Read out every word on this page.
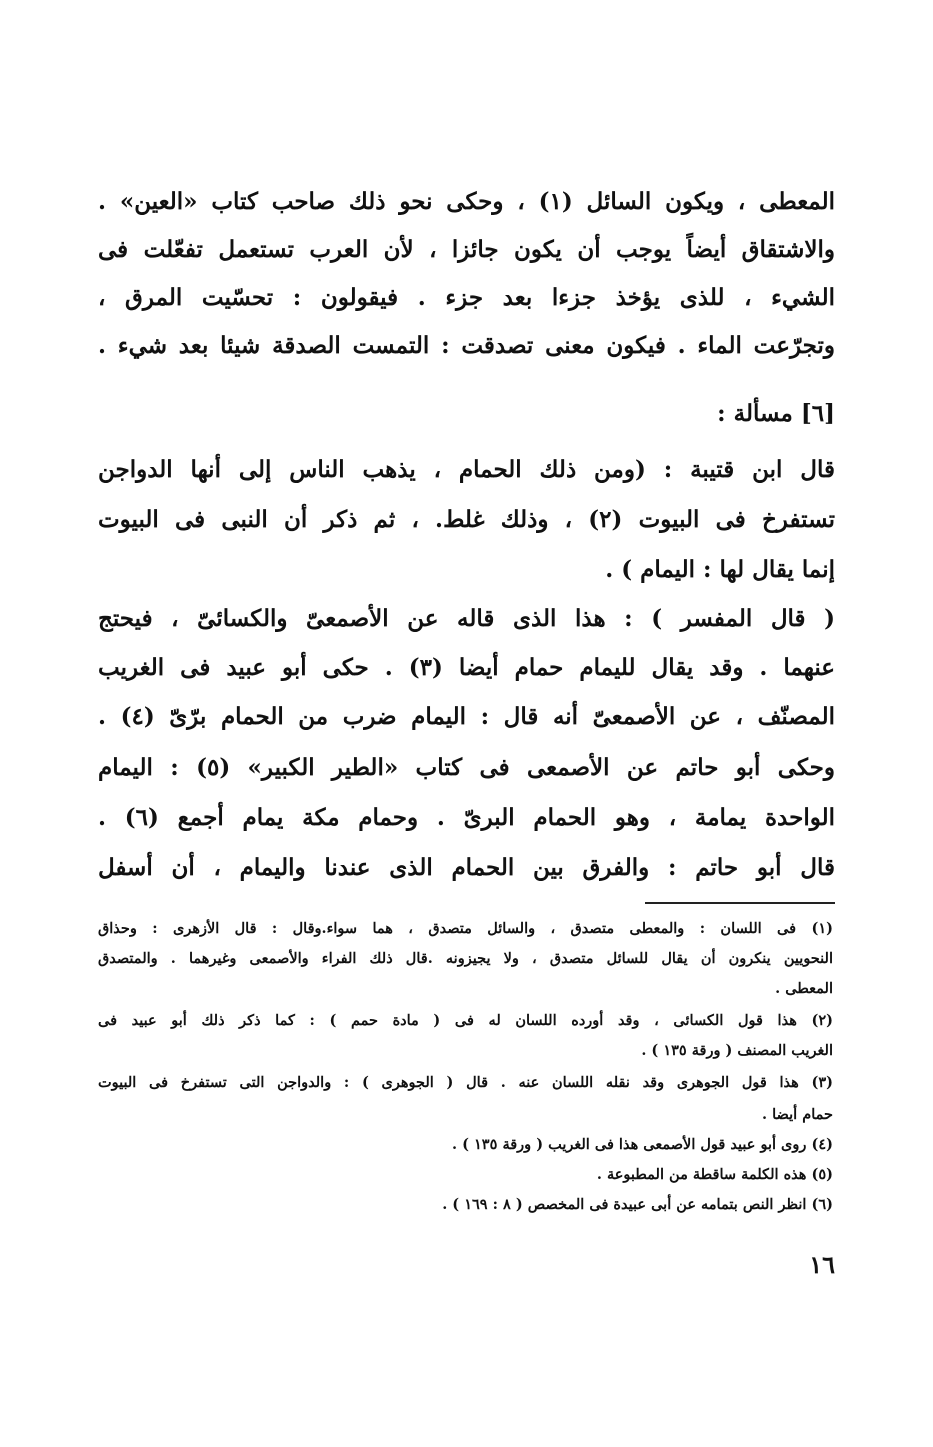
المعطى ، ويكون السائل (١) ، وحكى نحو ذلك صاحب كتاب «العين» .
والاشتقاق أيضاً يوجب أن يكون جائزا ، لأن العرب تستعمل تفعّلت فى
الشيء ، للذى يؤخذ جزءا بعد جزء . فيقولون : تحسّيت المرق ،
وتجرّعت الماء . فيكون معنى تصدقت : التمست الصدقة شيئا بعد شيء .
[٦] مسألة :
قال ابن قتيبة : (ومن ذلك الحمام ، يذهب الناس إلى أنها الدواجن
تستفرخ فى البيوت (٢) ، وذلك غلط. ، ثم ذكر أن النبى فى البيوت
إنما يقال لها : اليمام ) .
( قال المفسر ) : هذا الذى قاله عن الأصمعىّ والكسائىّ ، فيحتج
عنهما . وقد يقال لليمام حمام أيضا (٣) . حكى أبو عبيد فى الغريب
المصنّف ، عن الأصمعىّ أنه قال : اليمام ضرب من الحمام برّىّ (٤) .
وحكى أبو حاتم عن الأصمعى فى كتاب «الطير الكبير» (٥) : اليمام
الواحدة يمامة ، وهو الحمام البرىّ . وحمام مكة يمام أجمع (٦) .
قال أبو حاتم : والفرق بين الحمام الذى عندنا واليمام ، أن أسفل
(١) فى اللسان : والمعطى متصدق ، والسائل متصدق ، هما سواء.وقال : قال الأزهرى : وحذاق
النحويين ينكرون أن يقال للسائل متصدق ، ولا يجيزونه .قال ذلك الفراء والأصمعى وغيرهما . والمتصدق
المعطى .
(٢) هذا قول الكسائى ، وقد أورده اللسان له فى ( مادة حمم ) : كما ذكر ذلك أبو عبيد فى
الغريب المصنف ( ورقة ١٣٥ ) .
(٣) هذا قول الجوهرى وقد نقله اللسان عنه . قال ( الجوهرى ) : والدواجن التى تستفرخ فى البيوت
حمام أيضا .
(٤) روى أبو عبيد قول الأصمعى هذا فى الغريب ( ورقة ١٣٥ ) .
(٥) هذه الكلمة ساقطة من المطبوعة .
(٦) انظر النص بتمامه عن أبى عبيدة فى المخصص ( ٨ : ١٦٩ ) .
١٦
